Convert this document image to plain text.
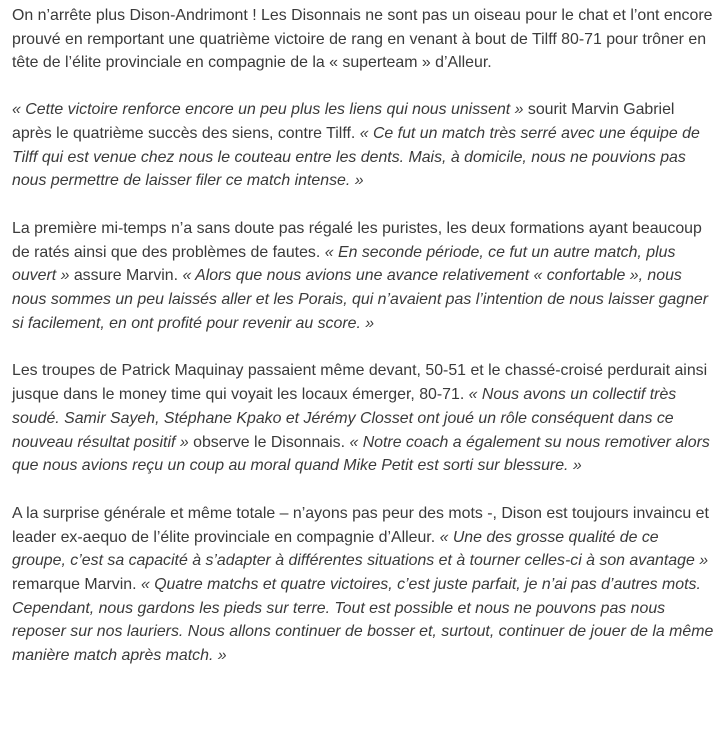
On n’arrête plus Dison-Andrimont ! Les Disonnais ne sont pas un oiseau pour le chat et l’ont encore prouvé en remportant une quatrième victoire de rang en venant à bout de Tilff 80-71 pour trôner en tête de l’élite provinciale en compagnie de la « superteam » d’Alleur.

« Cette victoire renforce encore un peu plus les liens qui nous unissent » sourit Marvin Gabriel après le quatrième succès des siens, contre Tilff. « Ce fut un match très serré avec une équipe de Tilff qui est venue chez nous le couteau entre les dents. Mais, à domicile, nous ne pouvions pas nous permettre de laisser filer ce match intense. »

La première mi-temps n’a sans doute pas régalé les puristes, les deux formations ayant beaucoup de ratés ainsi que des problèmes de fautes. « En seconde période, ce fut un autre match, plus ouvert » assure Marvin. « Alors que nous avions une avance relativement « confortable », nous nous sommes un peu laissés aller et les Porais, qui n’avaient pas l’intention de nous laisser gagner si facilement, en ont profité pour revenir au score. »

Les troupes de Patrick Maquinay passaient même devant, 50-51 et le chassé-croisé perdurait ainsi jusque dans le money time qui voyait les locaux émerger, 80-71. « Nous avons un collectif très soudé. Samir Sayeh, Stéphane Kpako et Jérémy Closset ont joué un rôle conséquent dans ce nouveau résultat positif » observe le Disonnais. « Notre coach a également su nous remotiver alors que nous avions reçu un coup au moral quand Mike Petit est sorti sur blessure. »

A la surprise générale et même totale – n’ayons pas peur des mots -, Dison est toujours invaincu et leader ex-aequo de l’élite provinciale en compagnie d’Alleur. « Une des grosse qualité de ce groupe, c’est sa capacité à s’adapter à différentes situations et à tourner celles-ci à son avantage » remarque Marvin. « Quatre matchs et quatre victoires, c’est juste parfait, je n’ai pas d’autres mots. Cependant, nous gardons les pieds sur terre. Tout est possible et nous ne pouvons pas nous reposer sur nos lauriers. Nous allons continuer de bosser et, surtout, continuer de jouer de la même manière match après match. »
